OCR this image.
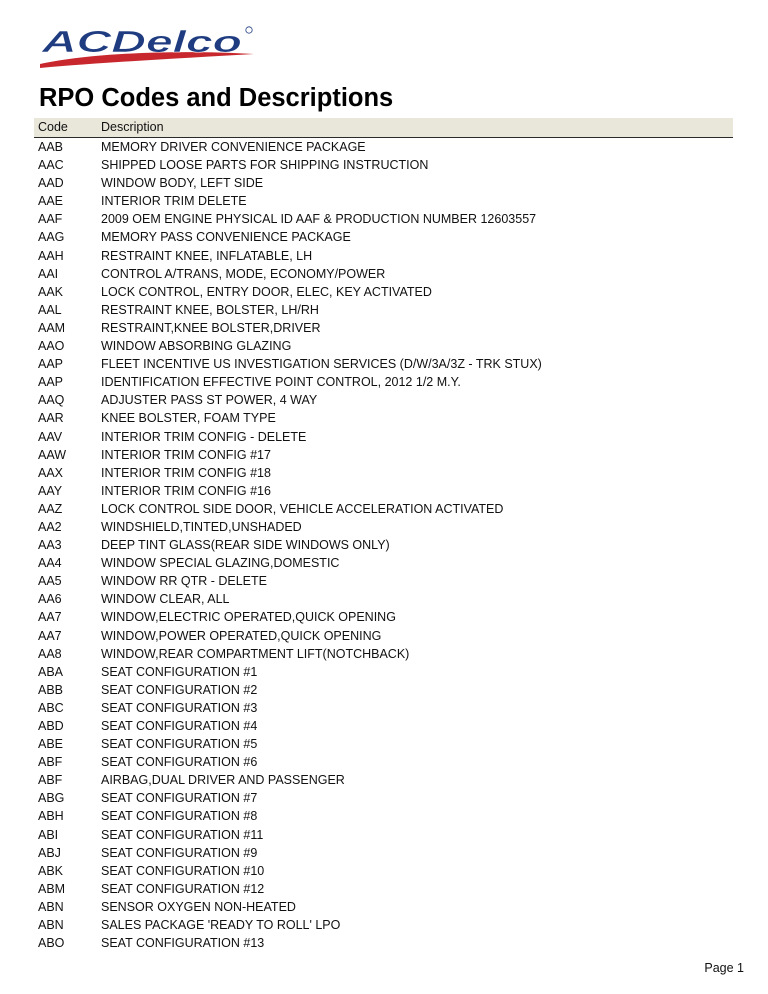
ACDelco
RPO Codes and Descriptions
Code	Description
AAB	MEMORY DRIVER CONVENIENCE PACKAGE
AAC	SHIPPED LOOSE PARTS FOR SHIPPING INSTRUCTION
AAD	WINDOW BODY, LEFT SIDE
AAE	INTERIOR TRIM DELETE
AAF	2009 OEM ENGINE PHYSICAL ID AAF & PRODUCTION NUMBER 12603557
AAG	MEMORY PASS CONVENIENCE PACKAGE
AAH	RESTRAINT KNEE, INFLATABLE, LH
AAI	CONTROL A/TRANS, MODE, ECONOMY/POWER
AAK	LOCK CONTROL, ENTRY DOOR, ELEC, KEY ACTIVATED
AAL	RESTRAINT KNEE, BOLSTER, LH/RH
AAM	RESTRAINT,KNEE BOLSTER,DRIVER
AAO	WINDOW ABSORBING GLAZING
AAP	FLEET INCENTIVE US INVESTIGATION SERVICES (D/W/3A/3Z - TRK STUX)
AAP	IDENTIFICATION EFFECTIVE POINT CONTROL, 2012 1/2 M.Y.
AAQ	ADJUSTER PASS ST POWER, 4 WAY
AAR	KNEE BOLSTER, FOAM TYPE
AAV	INTERIOR TRIM CONFIG - DELETE
AAW	INTERIOR TRIM CONFIG #17
AAX	INTERIOR TRIM CONFIG #18
AAY	INTERIOR TRIM CONFIG #16
AAZ	LOCK CONTROL SIDE DOOR, VEHICLE ACCELERATION ACTIVATED
AA2	WINDSHIELD,TINTED,UNSHADED
AA3	DEEP TINT GLASS(REAR SIDE WINDOWS ONLY)
AA4	WINDOW SPECIAL GLAZING,DOMESTIC
AA5	WINDOW RR QTR - DELETE
AA6	WINDOW CLEAR, ALL
AA7	WINDOW,ELECTRIC OPERATED,QUICK OPENING
AA7	WINDOW,POWER OPERATED,QUICK OPENING
AA8	WINDOW,REAR COMPARTMENT LIFT(NOTCHBACK)
ABA	SEAT CONFIGURATION #1
ABB	SEAT CONFIGURATION #2
ABC	SEAT CONFIGURATION #3
ABD	SEAT CONFIGURATION #4
ABE	SEAT CONFIGURATION #5
ABF	SEAT CONFIGURATION #6
ABF	AIRBAG,DUAL DRIVER AND PASSENGER
ABG	SEAT CONFIGURATION #7
ABH	SEAT CONFIGURATION #8
ABI	SEAT CONFIGURATION #11
ABJ	SEAT CONFIGURATION #9
ABK	SEAT CONFIGURATION #10
ABM	SEAT CONFIGURATION #12
ABN	SENSOR OXYGEN NON-HEATED
ABN	SALES PACKAGE 'READY TO ROLL' LPO
ABO	SEAT CONFIGURATION #13
Page 1
